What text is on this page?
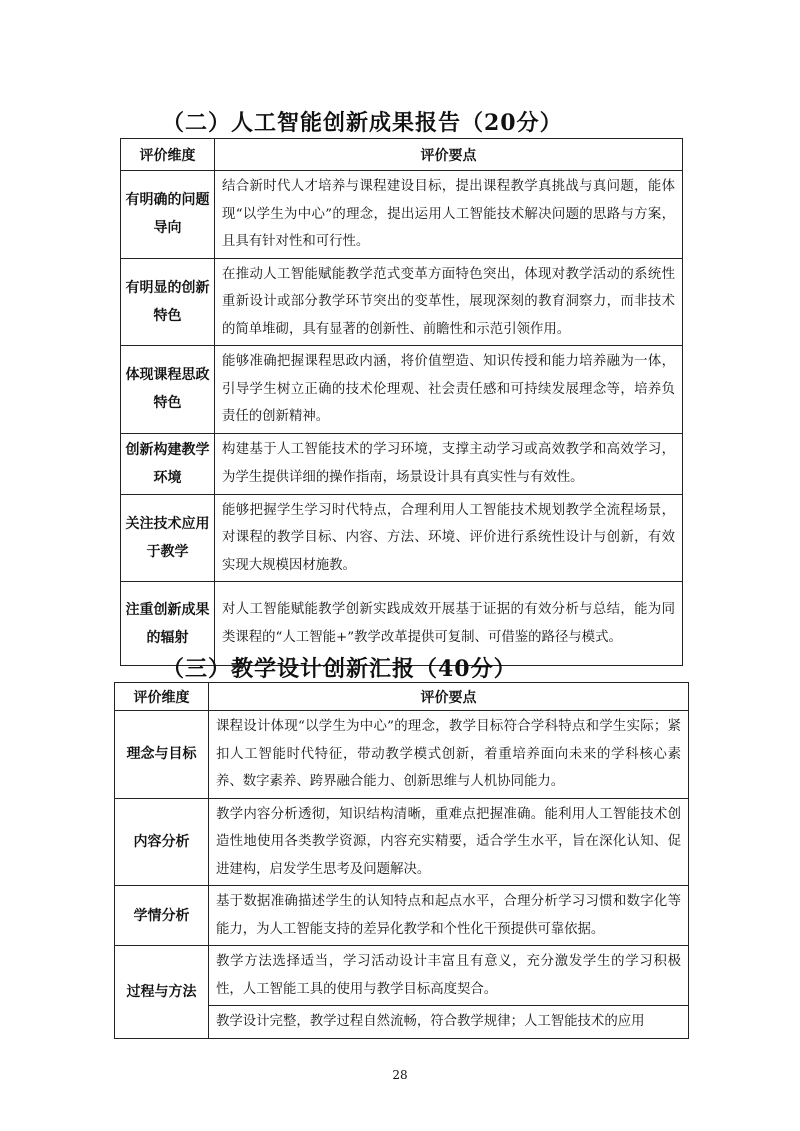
（二）人工智能创新成果报告（20分）
评价维度	评价要点
有明确的问题导向	结合新时代人才培养与课程建设目标，提出课程教学真挑战与真问题，能体现“以学生为中心”的理念，提出运用人工智能技术解决问题的思路与方案，且具有针对性和可行性。
有明显的创新特色	在推动人工智能赋能教学范式变革方面特色突出，体现对教学活动的系统性重新设计或部分教学环节突出的变革性，展现深刻的教育洞察力，而非技术的简单堆砌，具有显著的创新性、前瞻性和示范引领作用。
体现课程思政特色	能够准确把握课程思政内涵，将价值塑造、知识传授和能力培养融为一体，引导学生树立正确的技术伦理观、社会责任感和可持续发展理念等，培养负责任的创新精神。
创新构建教学环境	构建基于人工智能技术的学习环境，支撑主动学习或高效教学和高效学习，为学生提供详细的操作指南，场景设计具有真实性与有效性。
关注技术应用于教学	能够把握学生学习时代特点，合理利用人工智能技术规划教学全流程场景，对课程的教学目标、内容、方法、环境、评价进行系统性设计与创新，有效实现大规模因材施教。
注重创新成果的辐射	对人工智能赋能教学创新实践成效开展基于证据的有效分析与总结，能为同类课程的“人工智能+”教学改革提供可复制、可借鉴的路径与模式。
（三）教学设计创新汇报（40分）
评价维度	评价要点
理念与目标	课程设计体现“以学生为中心”的理念，教学目标符合学科特点和学生实际；紧扣人工智能时代特征，带动教学模式创新，着重培养面向未来的学科核心素养、数字素养、跨界融合能力、创新思维与人机协同能力。
内容分析	教学内容分析透彻，知识结构清晰，重难点把握准确。能利用人工智能技术创造性地使用各类教学资源，内容充实精要，适合学生水平，旨在深化认知、促进建构，启发学生思考及问题解决。
学情分析	基于数据准确描述学生的认知特点和起点水平，合理分析学习习惯和数字化等能力，为人工智能支持的差异化教学和个性化干预提供可靠依据。
过程与方法	教学方法选择适当，学习活动设计丰富且有意义，充分激发学生的学习积极性，人工智能工具的使用与教学目标高度契合。
	教学设计完整，教学过程自然流畅，符合教学规律；人工智能技术的应用
28
